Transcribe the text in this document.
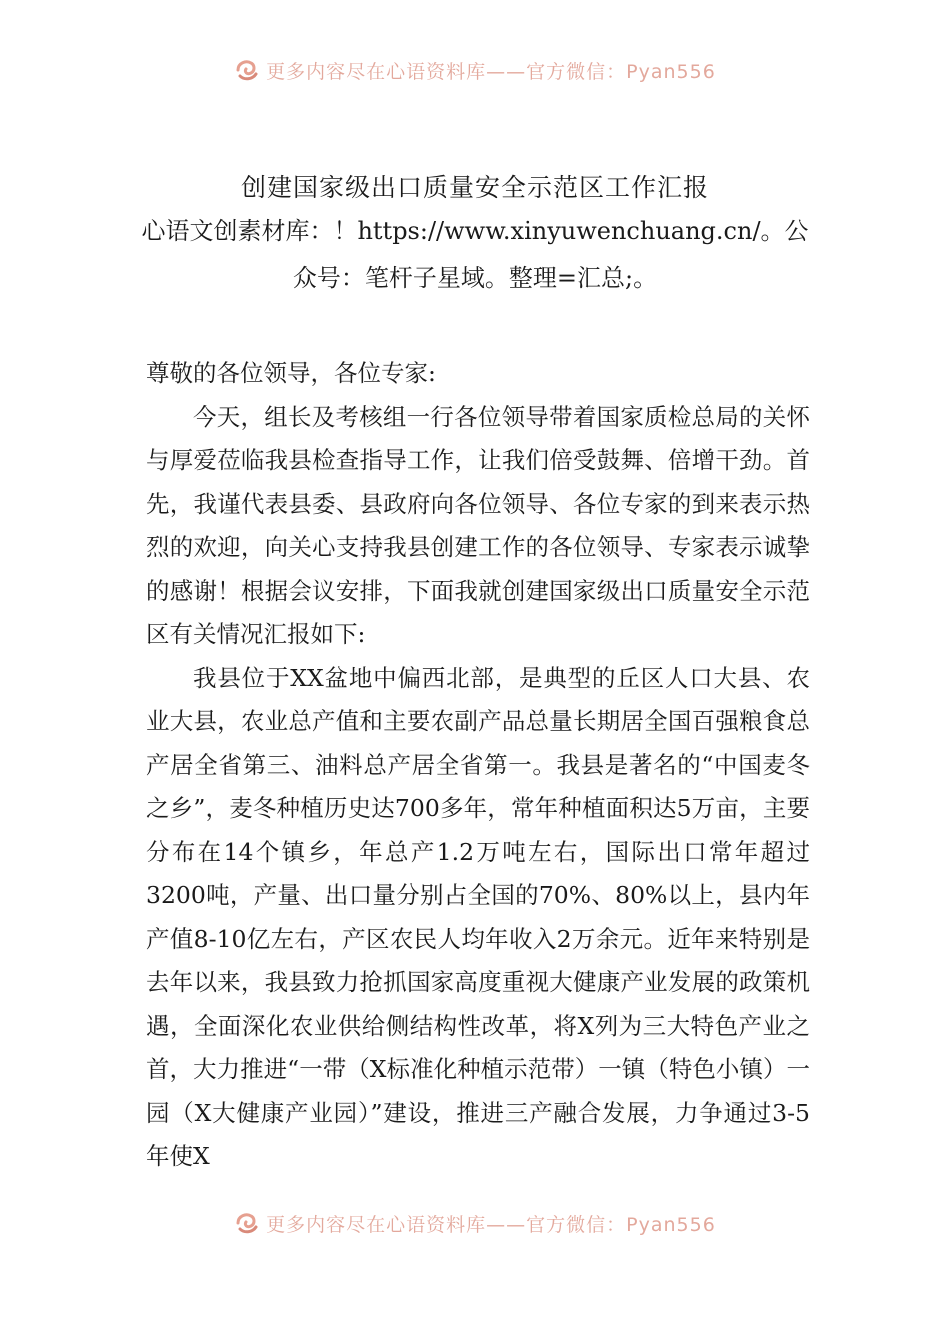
更多内容尽在心语资料库——官方微信：Pyan556
创建国家级出口质量安全示范区工作汇报
心语文创素材库：！https://www.xinyuwenchuang.cn/。公众号：笔杆子星域。整理=汇总;。

尊敬的各位领导，各位专家:

今天，组长及考核组一行各位领导带着国家质检总局的关怀与厚爱莅临我县检查指导工作，让我们倍受鼓舞、倍增干劲。首先，我谨代表县委、县政府向各位领导、各位专家的到来表示热烈的欢迎，向关心支持我县创建工作的各位领导、专家表示诚挚的感谢！根据会议安排，下面我就创建国家级出口质量安全示范区有关情况汇报如下:

我县位于XX盆地中偏西北部，是典型的丘区人口大县、农业大县，农业总产值和主要农副产品总量长期居全国百强粮食总产居全省第三、油料总产居全省第一。我县是著名的“中国麦冬之乡”，麦冬种植历史达700多年，常年种植面积达5万亩，主要分布在14个镇乡，年总产1.2万吨左右，国际出口常年超过3200吨，产量、出口量分别占全国的70%、80%以上，县内年产值8-10亿左右，产区农民人均年收入2万余元。近年来特别是去年以来，我县致力抢抓国家高度重视大健康产业发展的政策机遇，全面深化农业供给侧结构性改革，将X列为三大特色产业之首，大力推进“一带（X标准化种植示范带）一镇（特色小镇）一园（X大健康产业园）”建设，推进三产融合发展，力争通过3-5年使X

更多内容尽在心语资料库——官方微信：Pyan556
